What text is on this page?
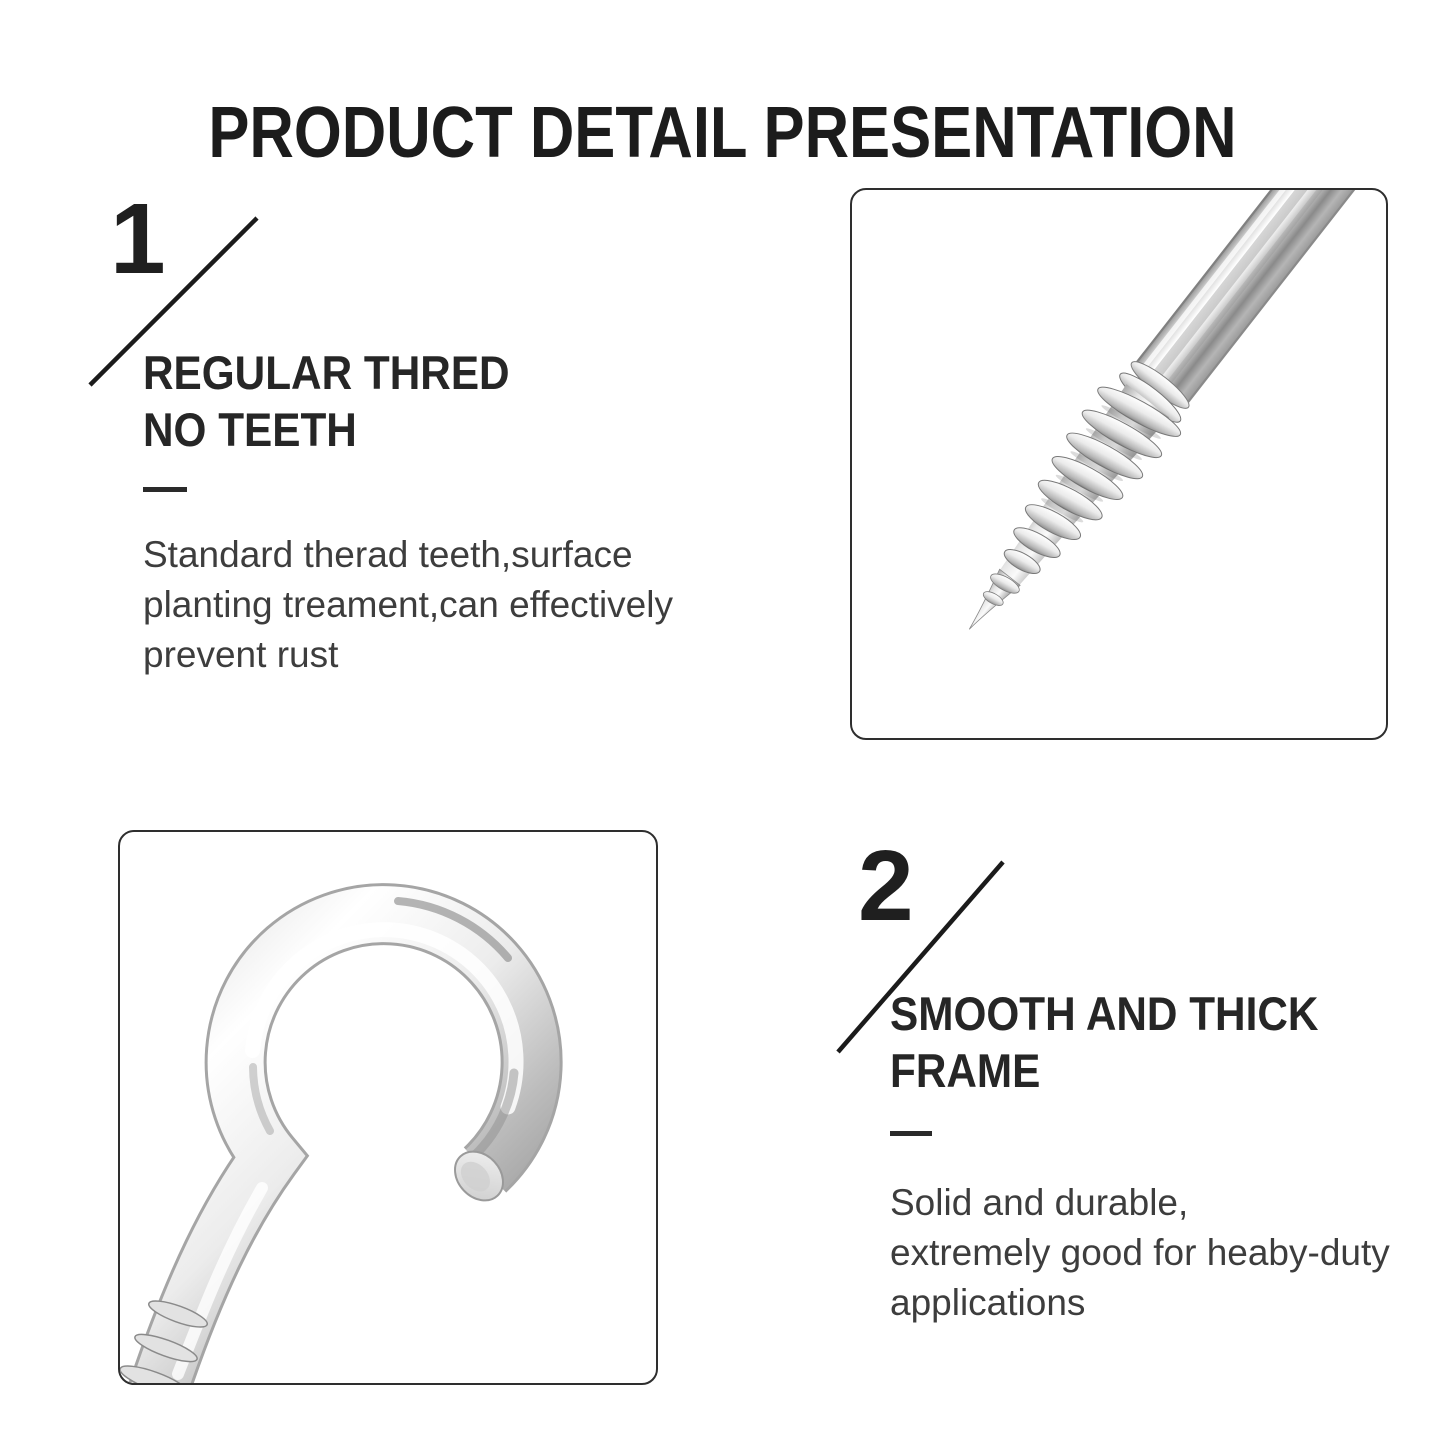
PRODUCT DETAIL PRESENTATION
1
REGULAR THRED
NO TEETH
Standard therad teeth,surface
planting treament,can effectively
prevent rust
2
SMOOTH AND THICK
FRAME
Solid and durable,
extremely good for heaby-duty
applications
